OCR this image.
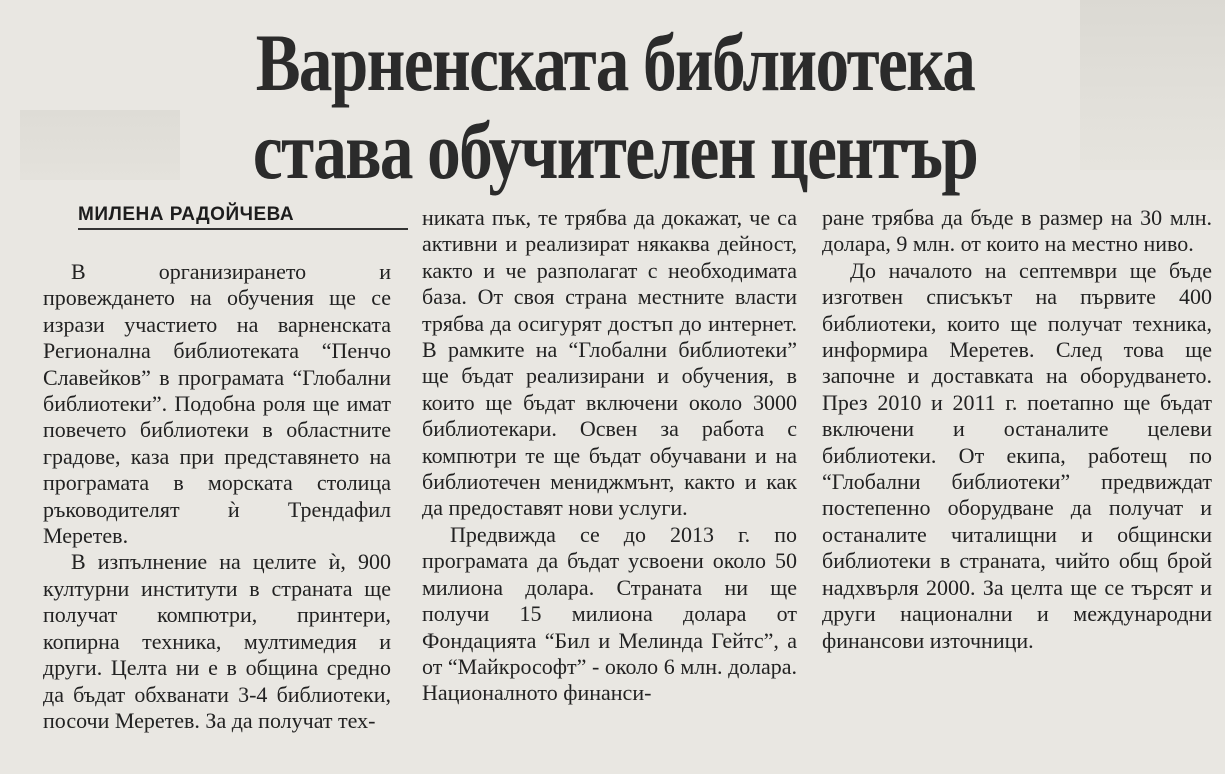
Варненската библиотека
става обучителен център
МИЛЕНА РАДОЙЧЕВА

В организирането и провеждането на обучения ще се изрази участието на варненската Регионална библиотеката “Пенчо Славейков” в програмата “Глобални библиотеки”. Подобна роля ще имат повечето библиотеки в областните градове, каза при представянето на програмата в морската столица ръководителят ѝ Трендафил Меретев.

В изпълнение на целите ѝ, 900 културни институти в страната ще получат компютри, принтери, копирна техника, мултимедия и други. Целта ни е в община средно да бъдат обхванати 3-4 библиотеки, посочи Меретев. За да получат тех-

никата пък, те трябва да докажат, че са активни и реализират някаква дейност, както и че разполагат с необходимата база. От своя страна местните власти трябва да осигурят достъп до интернет. В рамките на “Глобални библиотеки” ще бъдат реализирани и обучения, в които ще бъдат включени около 3000 библиотекари. Освен за работа с компютри те ще бъдат обучавани и на библиотечен мениджмънт, както и как да предоставят нови услуги.

Предвижда се до 2013 г. по програмата да бъдат усвоени около 50 милиона долара. Страната ни ще получи 15 милиона долара от Фондацията “Бил и Мелинда Гейтс”, а от “Майкрософт” - около 6 млн. долара. Националното финанси-

ране трябва да бъде в размер на 30 млн. долара, 9 млн. от които на местно ниво.

До началото на септември ще бъде изготвен списъкът на първите 400 библиотеки, които ще получат техника, информира Меретев. След това ще започне и доставката на оборудването. През 2010 и 2011 г. поетапно ще бъдат включени и останалите целеви библиотеки. От екипа, работещ по “Глобални библиотеки” предвиждат постепенно оборудване да получат и останалите читалищни и общински библиотеки в страната, чийто общ брой надхвърля 2000. За целта ще се търсят и други национални и международни финансови източници.
